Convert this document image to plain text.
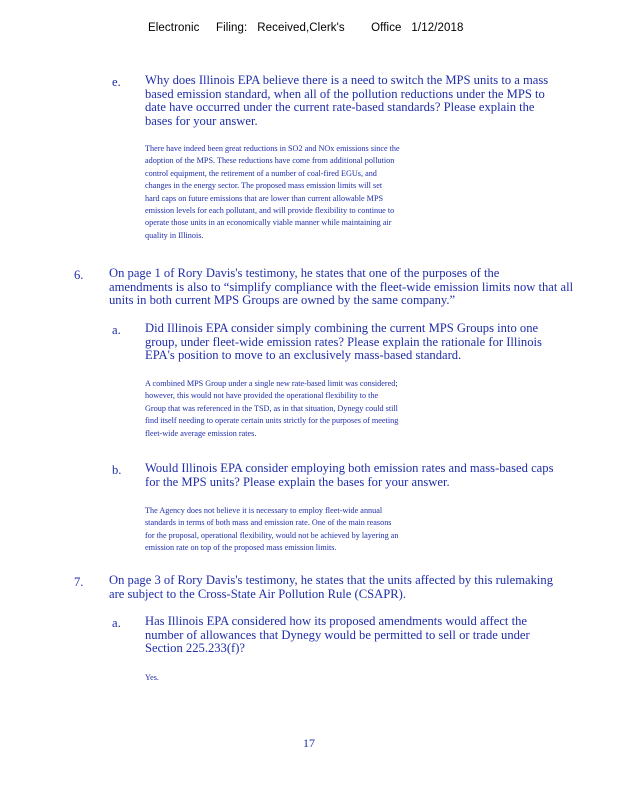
Electronic     Filing:   Received,Clerk's        Office   1/12/2018
e. Why does Illinois EPA believe there is a need to switch the MPS units to a mass
based emission standard, when all of the pollution reductions under the MPS to
date have occurred under the current rate-based standards? Please explain the
bases for your answer.
There have indeed been great reductions in SO2 and NOx emissions since the
adoption of the MPS. These reductions have come from additional pollution
control equipment, the retirement of a number of coal-fired EGUs, and
changes in the energy sector. The proposed mass emission limits will set
hard caps on future emissions that are lower than current allowable MPS
emission levels for each pollutant, and will provide flexibility to continue to
operate those units in an economically viable manner while maintaining air
quality in Illinois.
6. On page 1 of Rory Davis's testimony, he states that one of the purposes of the
amendments is also to “simplify compliance with the fleet-wide emission limits now that all
units in both current MPS Groups are owned by the same company.”
a. Did Illinois EPA consider simply combining the current MPS Groups into one
group, under fleet-wide emission rates? Please explain the rationale for Illinois
EPA's position to move to an exclusively mass-based standard.
A combined MPS Group under a single new rate-based limit was considered;
however, this would not have provided the operational flexibility to the
Group that was referenced in the TSD, as in that situation, Dynegy could still
find itself needing to operate certain units strictly for the purposes of meeting
fleet-wide average emission rates.
b. Would Illinois EPA consider employing both emission rates and mass-based caps
for the MPS units? Please explain the bases for your answer.
The Agency does not believe it is necessary to employ fleet-wide annual
standards in terms of both mass and emission rate. One of the main reasons
for the proposal, operational flexibility, would not be achieved by layering an
emission rate on top of the proposed mass emission limits.
7. On page 3 of Rory Davis's testimony, he states that the units affected by this rulemaking
are subject to the Cross-State Air Pollution Rule (CSAPR).
a. Has Illinois EPA considered how its proposed amendments would affect the
number of allowances that Dynegy would be permitted to sell or trade under
Section 225.233(f)?
Yes.
17
